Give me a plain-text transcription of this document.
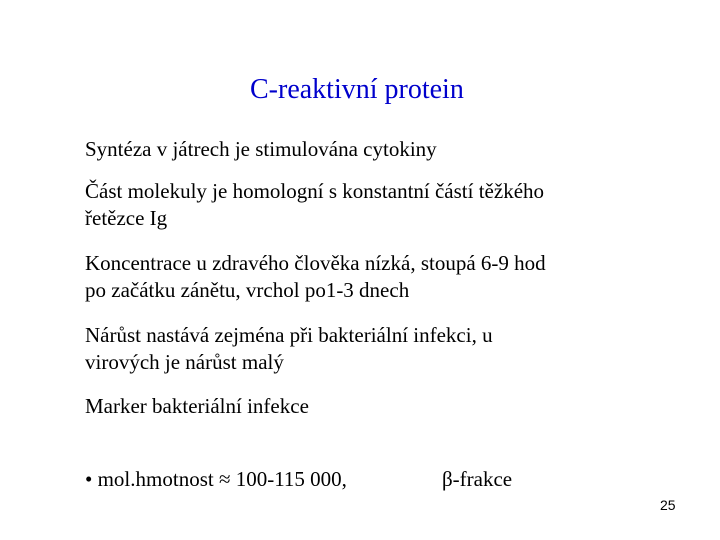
C-reaktivní protein
Syntéza v játrech je stimulována cytokiny
Část molekuly je homologní s konstantní částí těžkého
řetězce Ig
Koncentrace u zdravého člověka nízká, stoupá 6-9 hod
po začátku zánětu, vrchol po1-3 dnech
Nárůst nastává zejména při bakteriální infekci, u
virových je nárůst malý
Marker bakteriální infekce
• mol.hmotnost ≈ 100-115 000,	β-frakce
25
